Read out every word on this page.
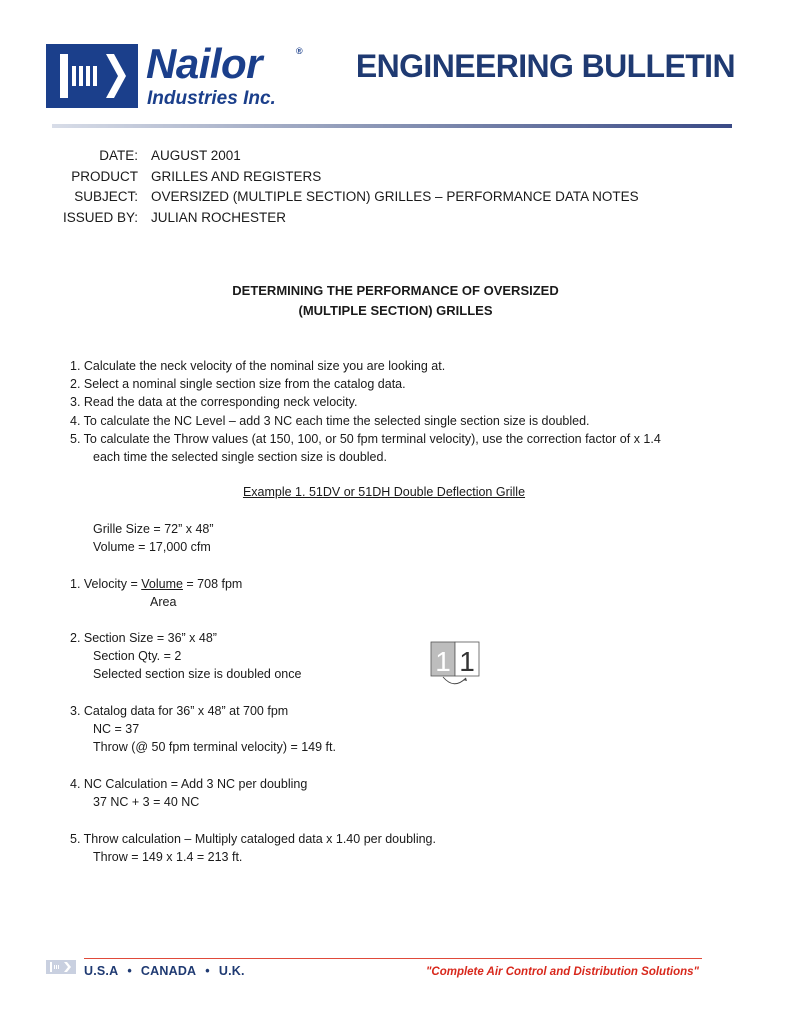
Nailor	®
Industries Inc.
ENGINEERING BULLETIN
DATE: AUGUST 2001
PRODUCT GRILLES AND REGISTERS
SUBJECT: OVERSIZED (MULTIPLE SECTION) GRILLES – PERFORMANCE DATA NOTES
ISSUED BY: JULIAN ROCHESTER
DETERMINING THE PERFORMANCE OF OVERSIZED
(MULTIPLE SECTION) GRILLES
1. Calculate the neck velocity of the nominal size you are looking at.
2. Select a nominal single section size from the catalog data.
3. Read the data at the corresponding neck velocity.
4. To calculate the NC Level – add 3 NC each time the selected single section size is doubled.
5. To calculate the Throw values (at 150, 100, or 50 fpm terminal velocity), use the correction factor of x 1.4
each time the selected single section size is doubled.
Example 1. 51DV or 51DH Double Deflection Grille
Grille Size = 72” x 48”
Volume = 17,000 cfm
1. Velocity = Volume = 708 fpm
Area
2. Section Size = 36” x 48”
Section Qty. = 2
Selected section size is doubled once	1 1
3. Catalog data for 36” x 48” at 700 fpm
NC = 37
Throw (@ 50 fpm terminal velocity) = 149 ft.
4. NC Calculation = Add 3 NC per doubling
37 NC + 3 = 40 NC
5. Throw calculation – Multiply cataloged data x 1.40 per doubling.
Throw = 149 x 1.4 = 213 ft.
U.S.A • CANADA • U.K.	"Complete Air Control and Distribution Solutions"
